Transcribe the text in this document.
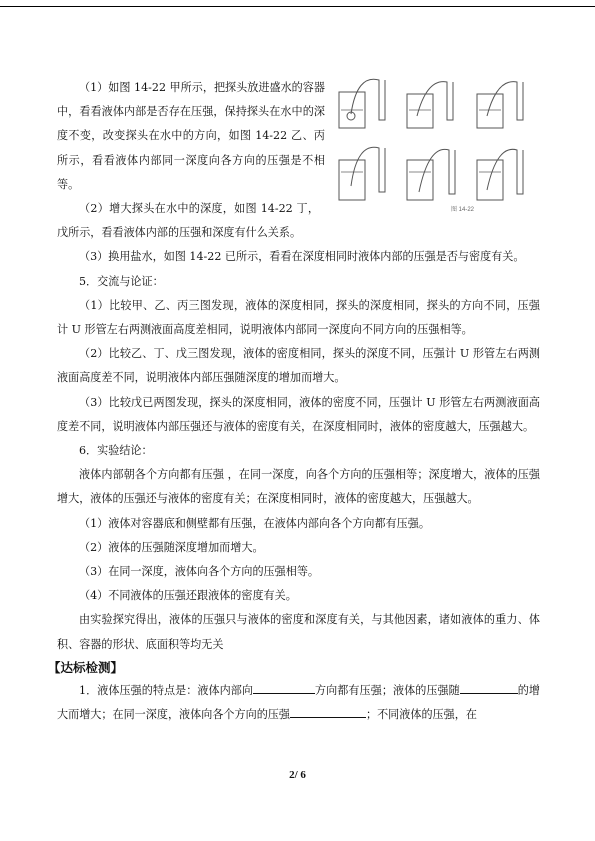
图 14-22

（1）如图 14-22 甲所示，把探头放进盛水的容器中，看看液体内部是否存在压强，保持探头在水中的深度不变，改变探头在水中的方向，如图 14-22 乙、丙所示，看看液体内部同一深度向各方向的压强是不相等。

（2）增大探头在水中的深度，如图 14-22 丁，戊所示，看看液体内部的压强和深度有什么关系。

（3）换用盐水，如图 14-22 已所示，看看在深度相同时液体内部的压强是否与密度有关。

5．交流与论证：

（1）比较甲、乙、丙三图发现，液体的深度相同，探头的深度相同，探头的方向不同，压强计 U 形管左右两测液面高度差相同，说明液体内部同一深度向不同方向的压强相等。

（2）比较乙、丁、戊三图发现，液体的密度相同，探头的深度不同，压强计 U 形管左右两测液面高度差不同，说明液体内部压强随深度的增加而增大。

（3）比较戊已两图发现，探头的深度相同，液体的密度不同，压强计 U 形管左右两测液面高度差不同，说明液体内部压强还与液体的密度有关，在深度相同时，液体的密度越大，压强越大。

6．实验结论：

液体内部朝各个方向都有压强 ，在同一深度，向各个方向的压强相等；深度增大，液体的压强增大，液体的压强还与液体的密度有关；在深度相同时，液体的密度越大，压强越大。

（1）液体对容器底和侧壁都有压强，在液体内部向各个方向都有压强。

（2）液体的压强随深度增加而增大。

（3）在同一深度，液体向各个方向的压强相等。

（4）不同液体的压强还跟液体的密度有关。

由实验探究得出，液体的压强只与液体的密度和深度有关，与其他因素，诸如液体的重力、体积、容器的形状、底面积等均无关

【达标检测】

1．液体压强的特点是：液体内部向	方向都有压强；液体的压强随	的增大而增大；在同一深度，液体向各个方向的压强	；不同液体的压强，在

2/ 6
